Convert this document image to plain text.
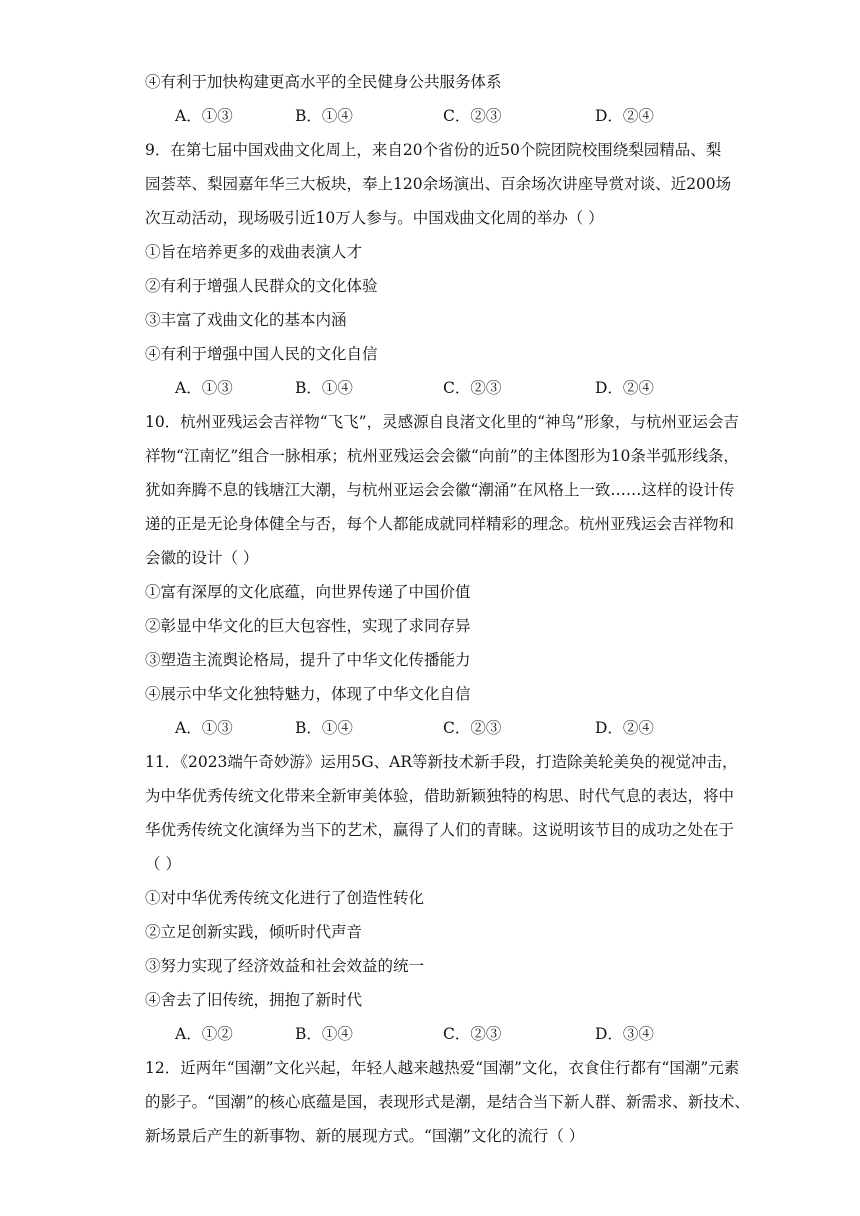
④有利于加快构建更高水平的全民健身公共服务体系
A．①③	B．①④	C．②③	D．②④
9．在第七届中国戏曲文化周上，来自20个省份的近50个院团院校围绕梨园精品、梨
园荟萃、梨园嘉年华三大板块，奉上120余场演出、百余场次讲座导赏对谈、近200场
次互动活动，现场吸引近10万人参与。中国戏曲文化周的举办（ ）
①旨在培养更多的戏曲表演人才
②有利于增强人民群众的文化体验
③丰富了戏曲文化的基本内涵
④有利于增强中国人民的文化自信
A．①③	B．①④	C．②③	D．②④
10．杭州亚残运会吉祥物“飞飞”，灵感源自良渚文化里的“神鸟”形象，与杭州亚运会吉
祥物“江南忆”组合一脉相承；杭州亚残运会会徽“向前”的主体图形为10条半弧形线条，
犹如奔腾不息的钱塘江大潮，与杭州亚运会会徽“潮涌”在风格上一致……这样的设计传
递的正是无论身体健全与否，每个人都能成就同样精彩的理念。杭州亚残运会吉祥物和
会徽的设计（ ）
①富有深厚的文化底蕴，向世界传递了中国价值
②彰显中华文化的巨大包容性，实现了求同存异
③塑造主流舆论格局，提升了中华文化传播能力
④展示中华文化独特魅力，体现了中华文化自信
A．①③	B．①④	C．②③	D．②④
11．《2023端午奇妙游》运用5G、AR等新技术新手段，打造除美轮美奂的视觉冲击，
为中华优秀传统文化带来全新审美体验，借助新颖独特的构思、时代气息的表达，将中
华优秀传统文化演绎为当下的艺术，赢得了人们的青睐。这说明该节目的成功之处在于
（ ）
①对中华优秀传统文化进行了创造性转化
②立足创新实践，倾听时代声音
③努力实现了经济效益和社会效益的统一
④舍去了旧传统，拥抱了新时代
A．①②	B．①④	C．②③	D．③④
12．近两年“国潮”文化兴起，年轻人越来越热爱“国潮”文化，衣食住行都有“国潮”元素
的影子。“国潮”的核心底蕴是国，表现形式是潮，是结合当下新人群、新需求、新技术、
新场景后产生的新事物、新的展现方式。“国潮”文化的流行（ ）
